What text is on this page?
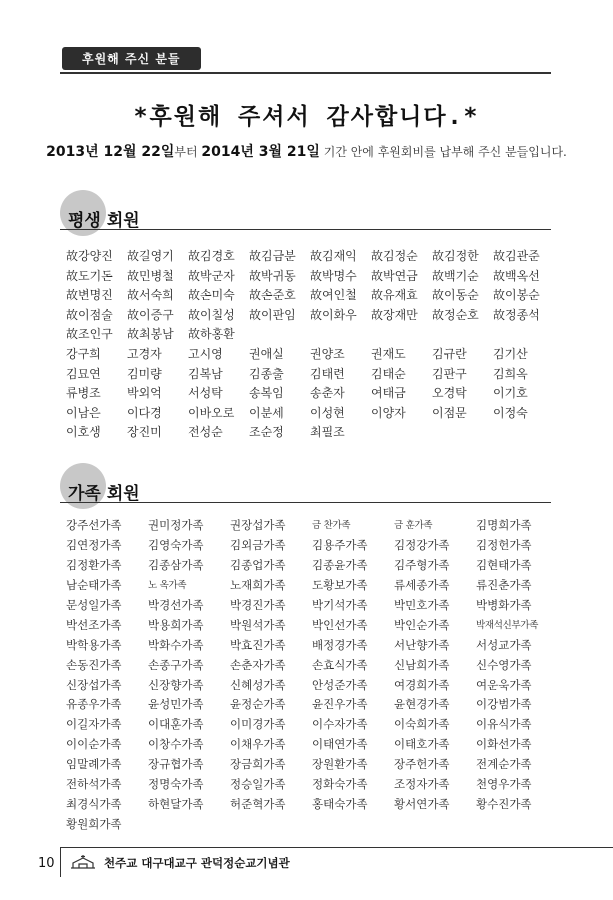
후원해 주신 분들
*후원해 주셔서 감사합니다.*
2013년 12월 22일부터 2014년 3월 21일 기간 안에 후원회비를 납부해 주신 분들입니다.
평생 회원
故강양진	故길영기	故김경호	故김금분	故김재익	故김정순	故김정한	故김관준
故도기돈	故민병철	故박군자	故박귀동	故박명수	故박연금	故백기순	故백옥선
故변명진	故서숙희	故손미숙	故손준호	故여인철	故유재효	故이동순	故이봉순
故이점술	故이증구	故이칠성	故이판임	故이화우	故장재만	故정순호	故정종석
故조인구	故최봉남	故하홍환
강구희	고경자	고시영	권애실	권양조	권재도	김규란	김기산
김묘연	김미량	김복남	김종출	김태련	김태순	김판구	김희옥
류병조	박외억	서성탁	송복임	송춘자	여태금	오경탁	이기호
이남은	이다경	이바오로	이분세	이성현	이양자	이점문	이정숙
이호생	장진미	전성순	조순정	최필조
가족 회원
강주선가족	권미정가족	권장섭가족	금 찬가족	금 훈가족	김명희가족
김연정가족	김영숙가족	김외금가족	김용주가족	김정강가족	김정헌가족
김정환가족	김종삼가족	김종업가족	김종윤가족	김주형가족	김현태가족
남순태가족	노 옥가족	노재희가족	도황보가족	류세종가족	류진춘가족
문성일가족	박경선가족	박경진가족	박기석가족	박민호가족	박병화가족
박선조가족	박용희가족	박원석가족	박인선가족	박인순가족	박재석신부가족
박학용가족	박화수가족	박효진가족	배정경가족	서난향가족	서성교가족
손동진가족	손종구가족	손춘자가족	손효식가족	신남희가족	신수영가족
신장섭가족	신장향가족	신혜성가족	안성준가족	여경희가족	여운욱가족
유종우가족	윤성민가족	윤정순가족	윤진우가족	윤현경가족	이강범가족
이길자가족	이대훈가족	이미경가족	이수자가족	이숙희가족	이유식가족
이이순가족	이창수가족	이채우가족	이태연가족	이태호가족	이화선가족
임말례가족	장규협가족	장금희가족	장원환가족	장주헌가족	전계순가족
전하석가족	정명숙가족	정승일가족	정화숙가족	조정자가족	천영우가족
최경식가족	하현달가족	허준혁가족	홍태숙가족	황서연가족	황수진가족
황원희가족
10	천주교 대구대교구 관덕정순교기념관
